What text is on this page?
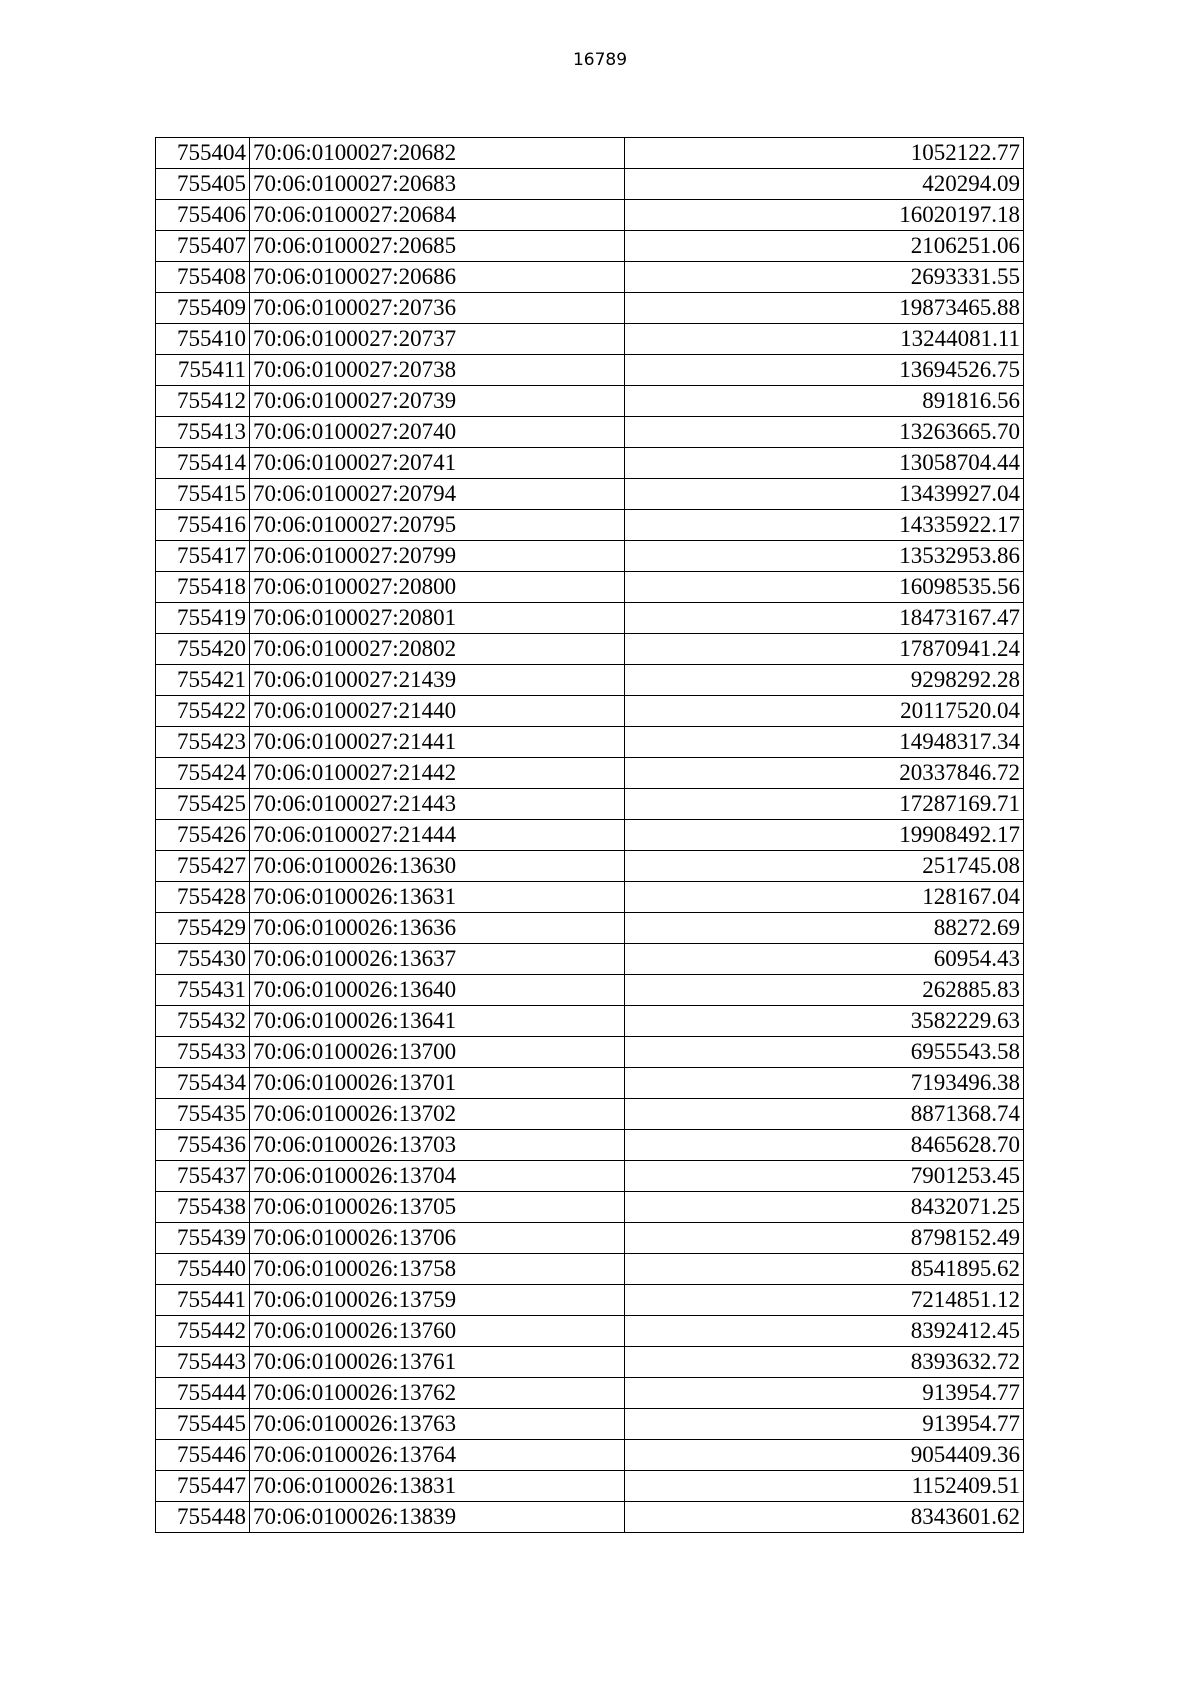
16789
755404	70:06:0100027:20682	1052122.77
755405	70:06:0100027:20683	420294.09
755406	70:06:0100027:20684	16020197.18
755407	70:06:0100027:20685	2106251.06
755408	70:06:0100027:20686	2693331.55
755409	70:06:0100027:20736	19873465.88
755410	70:06:0100027:20737	13244081.11
755411	70:06:0100027:20738	13694526.75
755412	70:06:0100027:20739	891816.56
755413	70:06:0100027:20740	13263665.70
755414	70:06:0100027:20741	13058704.44
755415	70:06:0100027:20794	13439927.04
755416	70:06:0100027:20795	14335922.17
755417	70:06:0100027:20799	13532953.86
755418	70:06:0100027:20800	16098535.56
755419	70:06:0100027:20801	18473167.47
755420	70:06:0100027:20802	17870941.24
755421	70:06:0100027:21439	9298292.28
755422	70:06:0100027:21440	20117520.04
755423	70:06:0100027:21441	14948317.34
755424	70:06:0100027:21442	20337846.72
755425	70:06:0100027:21443	17287169.71
755426	70:06:0100027:21444	19908492.17
755427	70:06:0100026:13630	251745.08
755428	70:06:0100026:13631	128167.04
755429	70:06:0100026:13636	88272.69
755430	70:06:0100026:13637	60954.43
755431	70:06:0100026:13640	262885.83
755432	70:06:0100026:13641	3582229.63
755433	70:06:0100026:13700	6955543.58
755434	70:06:0100026:13701	7193496.38
755435	70:06:0100026:13702	8871368.74
755436	70:06:0100026:13703	8465628.70
755437	70:06:0100026:13704	7901253.45
755438	70:06:0100026:13705	8432071.25
755439	70:06:0100026:13706	8798152.49
755440	70:06:0100026:13758	8541895.62
755441	70:06:0100026:13759	7214851.12
755442	70:06:0100026:13760	8392412.45
755443	70:06:0100026:13761	8393632.72
755444	70:06:0100026:13762	913954.77
755445	70:06:0100026:13763	913954.77
755446	70:06:0100026:13764	9054409.36
755447	70:06:0100026:13831	1152409.51
755448	70:06:0100026:13839	8343601.62
